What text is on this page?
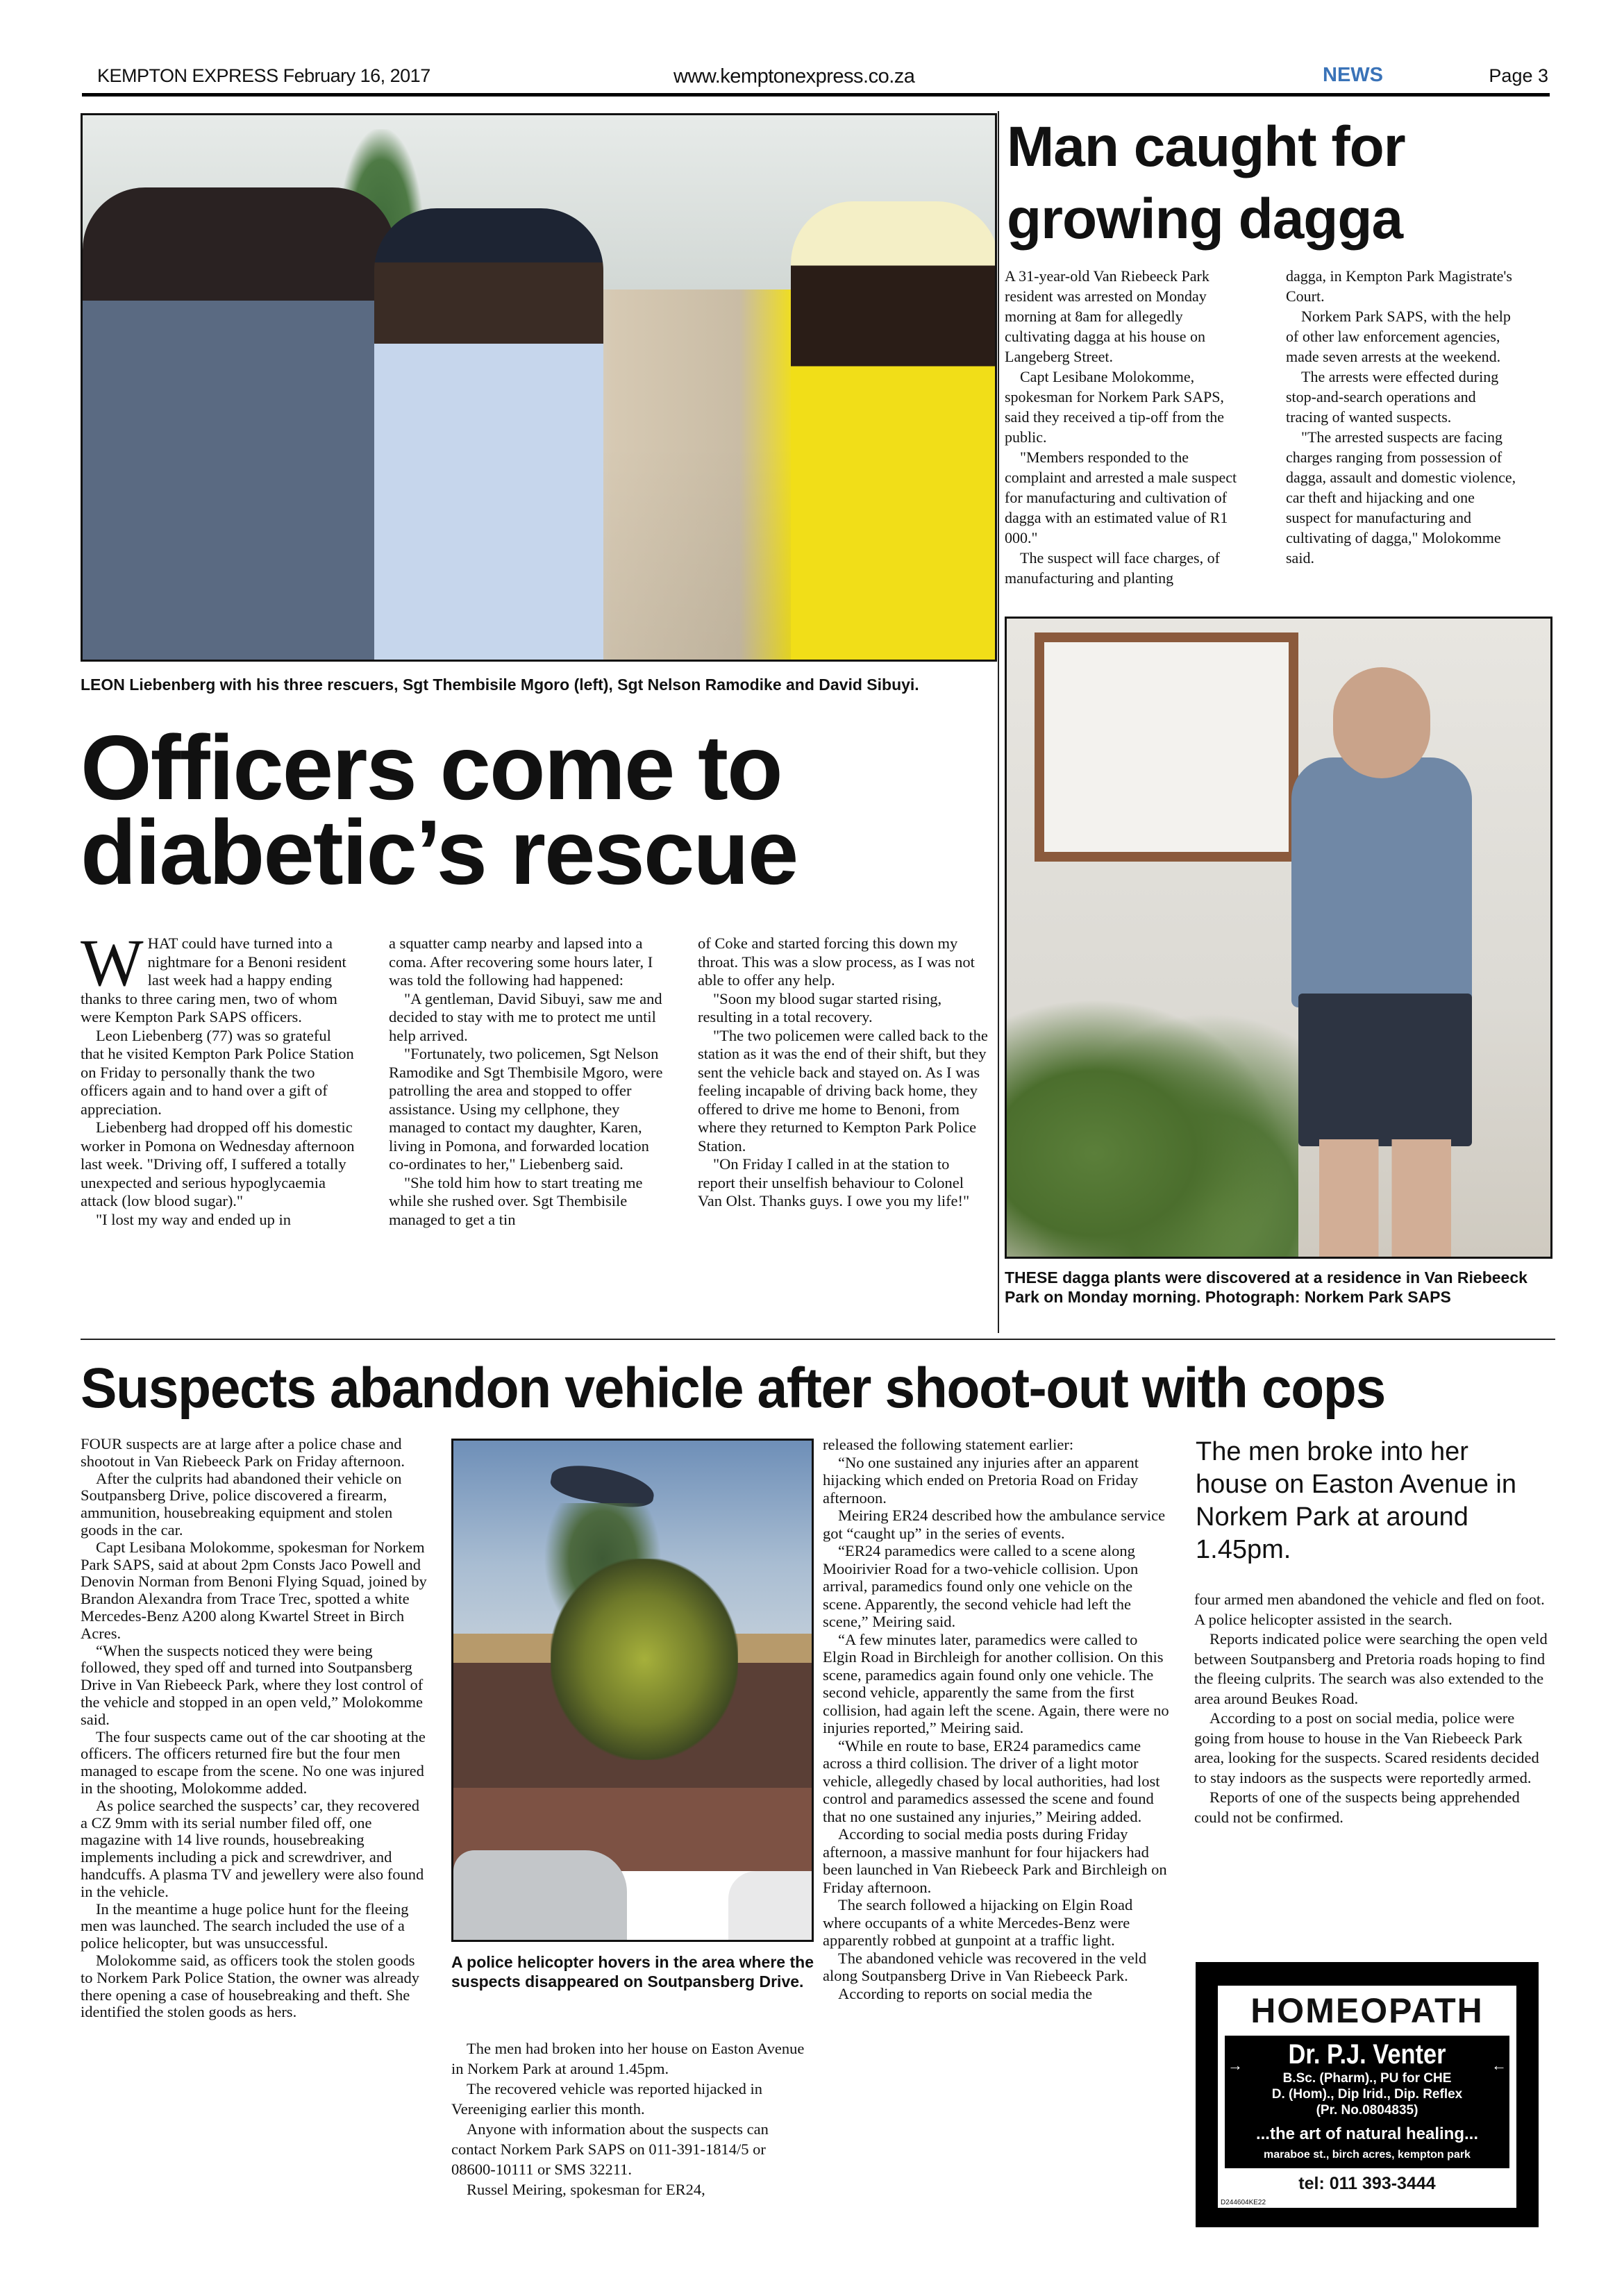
KEMPTON EXPRESS February 16, 2017	www.kemptonexpress.co.za	NEWS	Page 3
LEON Liebenberg with his three rescuers, Sgt Thembisile Mgoro (left), Sgt Nelson Ramodike and David Sibuyi.
Officers come to diabetic’s rescue

WHAT could have turned into a nightmare for a Benoni resident last week had a happy ending thanks to three caring men, two of whom were Kempton Park SAPS officers.

Leon Liebenberg (77) was so grateful that he visited Kempton Park Police Station on Friday to personally thank the two officers again and to hand over a gift of appreciation.

Liebenberg had dropped off his domestic worker in Pomona on Wednesday afternoon last week. "Driving off, I suffered a totally unexpected and serious hypoglycaemia attack (low blood sugar)."

"I lost my way and ended up in

a squatter camp nearby and lapsed into a coma. After recovering some hours later, I was told the following had happened:

"A gentleman, David Sibuyi, saw me and decided to stay with me to protect me until help arrived.

"Fortunately, two policemen, Sgt Nelson Ramodike and Sgt Thembisile Mgoro, were patrolling the area and stopped to offer assistance. Using my cellphone, they managed to contact my daughter, Karen, living in Pomona, and forwarded location co-ordinates to her," Liebenberg said.

"She told him how to start treating me while she rushed over. Sgt Thembisile managed to get a tin

of Coke and started forcing this down my throat. This was a slow process, as I was not able to offer any help.

"Soon my blood sugar started rising, resulting in a total recovery.

"The two policemen were called back to the station as it was the end of their shift, but they sent the vehicle back and stayed on. As I was feeling incapable of driving back home, they offered to drive me home to Benoni, from where they returned to Kempton Park Police Station.

"On Friday I called in at the station to report their unselfish behaviour to Colonel Van Olst. Thanks guys. I owe you my life!"

Man caught for growing dagga

A 31-year-old Van Riebeeck Park resident was arrested on Monday morning at 8am for allegedly cultivating dagga at his house on Langeberg Street.

Capt Lesibane Molokomme, spokesman for Norkem Park SAPS, said they received a tip-off from the public.

"Members responded to the complaint and arrested a male suspect for manufacturing and cultivation of dagga with an estimated value of R1 000."

The suspect will face charges, of manufacturing and planting

dagga, in Kempton Park Magistrate's Court.

Norkem Park SAPS, with the help of other law enforcement agencies, made seven arrests at the weekend.

The arrests were effected during stop-and-search operations and tracing of wanted suspects.

"The arrested suspects are facing charges ranging from possession of dagga, assault and domestic violence, car theft and hijacking and one suspect for manufacturing and cultivating of dagga," Molokomme said.

THESE dagga plants were discovered at a residence in Van Riebeeck Park on Monday morning. Photograph: Norkem Park SAPS
Suspects abandon vehicle after shoot-out with cops

FOUR suspects are at large after a police chase and shootout in Van Riebeeck Park on Friday afternoon.

After the culprits had abandoned their vehicle on Soutpansberg Drive, police discovered a firearm, ammunition, housebreaking equipment and stolen goods in the car.

Capt Lesibana Molokomme, spokesman for Norkem Park SAPS, said at about 2pm Consts Jaco Powell and Denovin Norman from Benoni Flying Squad, joined by Brandon Alexandra from Trace Trec, spotted a white Mercedes-Benz A200 along Kwartel Street in Birch Acres.

“When the suspects noticed they were being followed, they sped off and turned into Soutpansberg Drive in Van Riebeeck Park, where they lost control of the vehicle and stopped in an open veld,” Molokomme said.

The four suspects came out of the car shooting at the officers. The officers returned fire but the four men managed to escape from the scene. No one was injured in the shooting, Molokomme added.

As police searched the suspects’ car, they recovered a CZ 9mm with its serial number filed off, one magazine with 14 live rounds, housebreaking implements including a pick and screwdriver, and handcuffs. A plasma TV and jewellery were also found in the vehicle.

In the meantime a huge police hunt for the fleeing men was launched. The search included the use of a police helicopter, but was unsuccessful.

Molokomme said, as officers took the stolen goods to Norkem Park Police Station, the owner was already there opening a case of housebreaking and theft. She identified the stolen goods as hers.

A police helicopter hovers in the area where the suspects disappeared on Soutpansberg Drive.

The men had broken into her house on Easton Avenue in Norkem Park at around 1.45pm.

The recovered vehicle was reported hijacked in Vereeniging earlier this month.

Anyone with information about the suspects can contact Norkem Park SAPS on 011-391-1814/5 or 08600-10111 or SMS 32211.

Russel Meiring, spokesman for ER24,

released the following statement earlier:

“No one sustained any injuries after an apparent hijacking which ended on Pretoria Road on Friday afternoon.

Meiring ER24 described how the ambulance service got “caught up” in the series of events.

“ER24 paramedics were called to a scene along Mooirivier Road for a two-vehicle collision. Upon arrival, paramedics found only one vehicle on the scene. Apparently, the second vehicle had left the scene,” Meiring said.

“A few minutes later, paramedics were called to Elgin Road in Birchleigh for another collision. On this scene, paramedics again found only one vehicle. The second vehicle, apparently the same from the first collision, had again left the scene. Again, there were no injuries reported,” Meiring said.

“While en route to base, ER24 paramedics came across a third collision. The driver of a light motor vehicle, allegedly chased by local authorities, had lost control and paramedics assessed the scene and found that no one sustained any injuries,” Meiring added.

According to social media posts during Friday afternoon, a massive manhunt for four hijackers had been launched in Van Riebeeck Park and Birchleigh on Friday afternoon.

The search followed a hijacking on Elgin Road where occupants of a white Mercedes-Benz were apparently robbed at gunpoint at a traffic light.

The abandoned vehicle was recovered in the veld along Soutpansberg Drive in Van Riebeeck Park.

According to reports on social media the

The men broke into her house on Easton Avenue in Norkem Park at around 1.45pm.

four armed men abandoned the vehicle and fled on foot. A police helicopter assisted in the search.

Reports indicated police were searching the open veld between Soutpansberg and Pretoria roads hoping to find the fleeing culprits. The search was also extended to the area around Beukes Road.

According to a post on social media, police were going from house to house in the Van Riebeeck Park area, looking for the suspects. Scared residents decided to stay indoors as the suspects were reportedly armed.

Reports of one of the suspects being apprehended could not be confirmed.

HOMEOPATH
→	←
Dr. P.J. Venter
B.Sc. (Pharm)., PU for CHE
D. (Hom)., Dip Irid., Dip. Reflex
(Pr. No.0804835)
...the art of natural healing...
maraboe st., birch acres, kempton park
tel: 011 393-3444
D244604KE22
